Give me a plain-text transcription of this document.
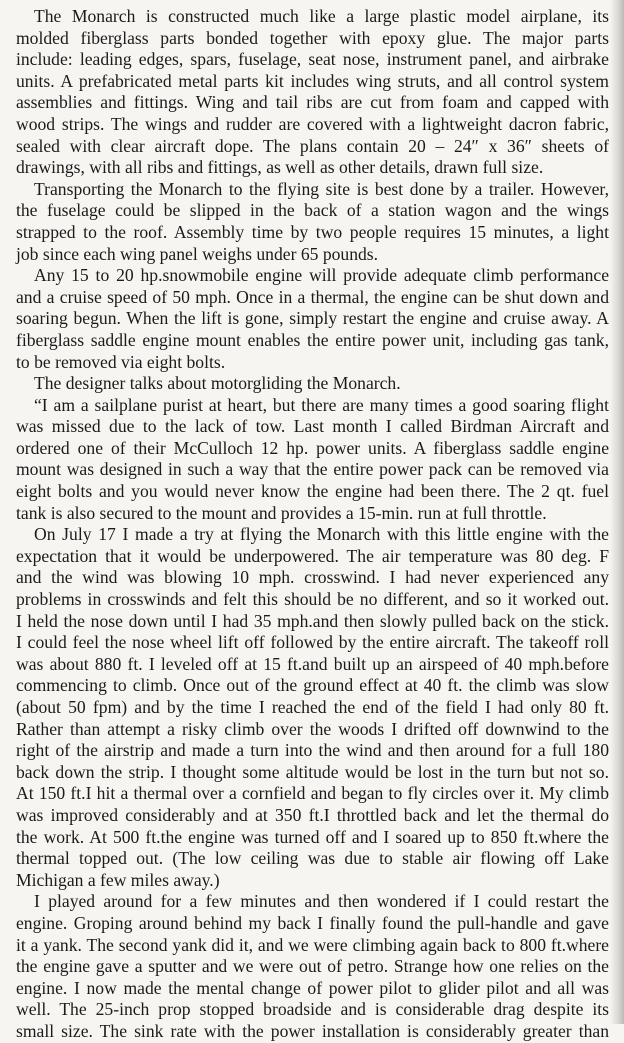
The Monarch is constructed much like a large plastic model airplane, its
molded fiberglass parts bonded together with epoxy glue. The major parts
include: leading edges, spars, fuselage, seat nose, instrument panel, and airbrake
units. A prefabricated metal parts kit includes wing struts, and all control system
assemblies and fittings. Wing and tail ribs are cut from foam and capped with
wood strips. The wings and rudder are covered with a lightweight dacron fabric,
sealed with clear aircraft dope. The plans contain 20 – 24″ x 36″ sheets of
drawings, with all ribs and fittings, as well as other details, drawn full size.
Transporting the Monarch to the flying site is best done by a trailer. However,
the fuselage could be slipped in the back of a station wagon and the wings
strapped to the roof. Assembly time by two people requires 15 minutes, a light
job since each wing panel weighs under 65 pounds.
Any 15 to 20 hp.snowmobile engine will provide adequate climb performance
and a cruise speed of 50 mph. Once in a thermal, the engine can be shut down and
soaring begun. When the lift is gone, simply restart the engine and cruise away. A
fiberglass saddle engine mount enables the entire power unit, including gas tank,
to be removed via eight bolts.
The designer talks about motorgliding the Monarch.
“I am a sailplane purist at heart, but there are many times a good soaring flight
was missed due to the lack of tow. Last month I called Birdman Aircraft and
ordered one of their McCulloch 12 hp. power units. A fiberglass saddle engine
mount was designed in such a way that the entire power pack can be removed via
eight bolts and you would never know the engine had been there. The 2 qt. fuel
tank is also secured to the mount and provides a 15-min. run at full throttle.
On July 17 I made a try at flying the Monarch with this little engine with the
expectation that it would be underpowered. The air temperature was 80 deg. F
and the wind was blowing 10 mph. crosswind. I had never experienced any
problems in crosswinds and felt this should be no different, and so it worked out.
I held the nose down until I had 35 mph.and then slowly pulled back on the stick.
I could feel the nose wheel lift off followed by the entire aircraft. The takeoff roll
was about 880 ft. I leveled off at 15 ft.and built up an airspeed of 40 mph.before
commencing to climb. Once out of the ground effect at 40 ft. the climb was slow
(about 50 fpm) and by the time I reached the end of the field I had only 80 ft.
Rather than attempt a risky climb over the woods I drifted off downwind to the
right of the airstrip and made a turn into the wind and then around for a full 180
back down the strip. I thought some altitude would be lost in the turn but not so.
At 150 ft.I hit a thermal over a cornfield and began to fly circles over it. My climb
was improved considerably and at 350 ft.I throttled back and let the thermal do
the work. At 500 ft.the engine was turned off and I soared up to 850 ft.where the
thermal topped out. (The low ceiling was due to stable air flowing off Lake
Michigan a few miles away.)
I played around for a few minutes and then wondered if I could restart the
engine. Groping around behind my back I finally found the pull-handle and gave
it a yank. The second yank did it, and we were climbing again back to 800 ft.where
the engine gave a sputter and we were out of petro. Strange how one relies on the
engine. I now made the mental change of power pilot to glider pilot and all was
well. The 25-inch prop stopped broadside and is considerable drag despite its
small size. The sink rate with the power installation is considerably greater than
